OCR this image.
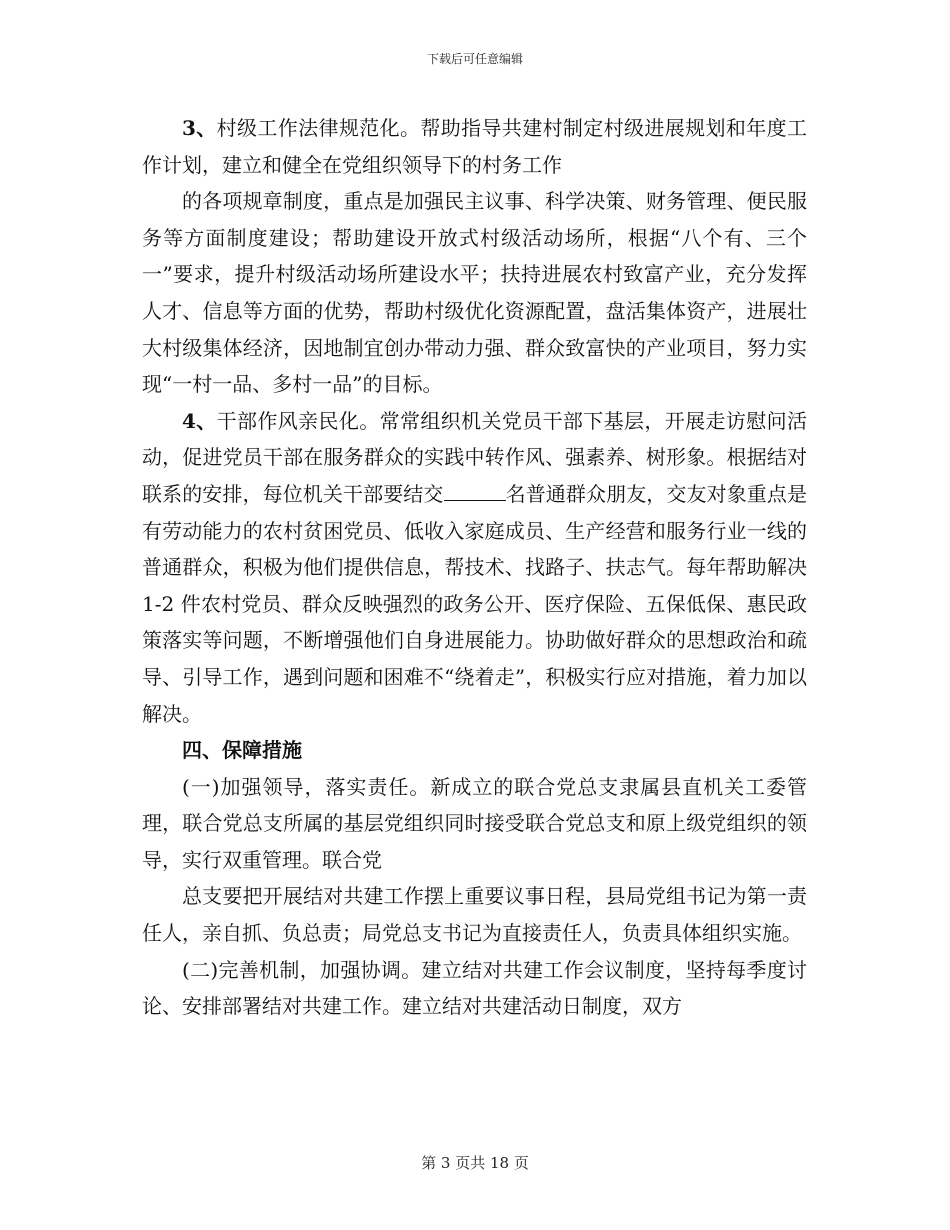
下载后可任意编辑

3、村级工作法律规范化。帮助指导共建村制定村级进展规划和年度工作计划，建立和健全在党组织领导下的村务工作

的各项规章制度，重点是加强民主议事、科学决策、财务管理、便民服务等方面制度建设；帮助建设开放式村级活动场所，根据“八个有、三个一”要求，提升村级活动场所建设水平；扶持进展农村致富产业，充分发挥人才、信息等方面的优势，帮助村级优化资源配置，盘活集体资产，进展壮大村级集体经济，因地制宜创办带动力强、群众致富快的产业项目，努力实现“一村一品、多村一品”的目标。

4、干部作风亲民化。常常组织机关党员干部下基层，开展走访慰问活动，促进党员干部在服务群众的实践中转作风、强素养、树形象。根据结对联系的安排，每位机关干部要结交	名普通群众朋友，交友对象重点是有劳动能力的农村贫困党员、低收入家庭成员、生产经营和服务行业一线的普通群众，积极为他们提供信息，帮技术、找路子、扶志气。每年帮助解决 1-2 件农村党员、群众反映强烈的政务公开、医疗保险、五保低保、惠民政策落实等问题，不断增强他们自身进展能力。协助做好群众的思想政治和疏导、引导工作，遇到问题和困难不“绕着走”，积极实行应对措施，着力加以解决。

四、保障措施

(一)加强领导，落实责任。新成立的联合党总支隶属县直机关工委管理，联合党总支所属的基层党组织同时接受联合党总支和原上级党组织的领导，实行双重管理。联合党

总支要把开展结对共建工作摆上重要议事日程，县局党组书记为第一责任人，亲自抓、负总责；局党总支书记为直接责任人，负责具体组织实施。

(二)完善机制，加强协调。建立结对共建工作会议制度，坚持每季度讨论、安排部署结对共建工作。建立结对共建活动日制度，双方

第 3 页共 18 页
